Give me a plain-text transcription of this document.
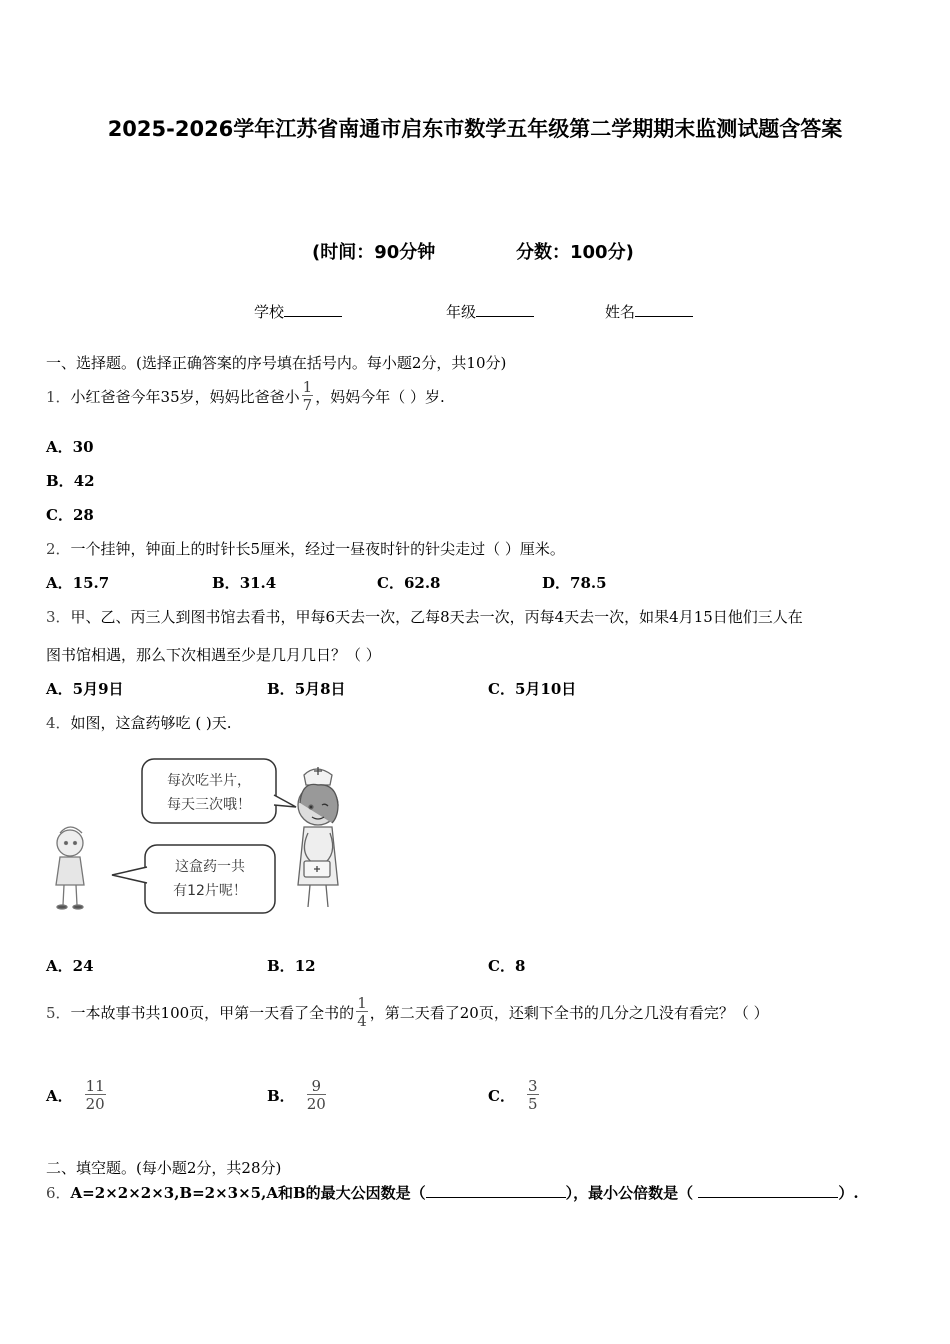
2025-2026学年江苏省南通市启东市数学五年级第二学期期末监测试题含答案
(时间：90分钟	分数：100分)
学校	年级	姓名
一、选择题。(选择正确答案的序号填在括号内。每小题2分，共10分)
1． 小红爸爸今年35岁，妈妈比爸爸小 $\frac{1}{7}$ ，妈妈今年（ ）岁.
A．30
B．42
C．28
2．一个挂钟，钟面上的时针长5厘米，经过一昼夜时针的针尖走过（ ）厘米。
A．15.7	B．31.4	C．62.8	D．78.5
3．甲、乙、丙三人到图书馆去看书，甲每6天去一次，乙每8天去一次，丙每4天去一次，如果4月15日他们三人在
图书馆相遇，那么下次相遇至少是几月几日？（ ）
A．5月9日	B．5月8日	C．5月10日
4．如图，这盒药够吃 ( )天.
每次吃半片，
每天三次哦！
这盒药一共
有12片呢！
A．24	B．12	C．8
5． 一本故事书共100页，甲第一天看了全书的 $\frac{1}{4}$ ，第二天看了20页，还剩下全书的几分之几没有看完？（ ）
A． $\frac{11}{20}$	B． $\frac{9}{20}$	C． $\frac{3}{5}$
二、填空题。(每小题2分，共28分)
6．A=2×2×2×3,B=2×3×5,A和B的最大公因数是（	），最小公倍数是（	）.
